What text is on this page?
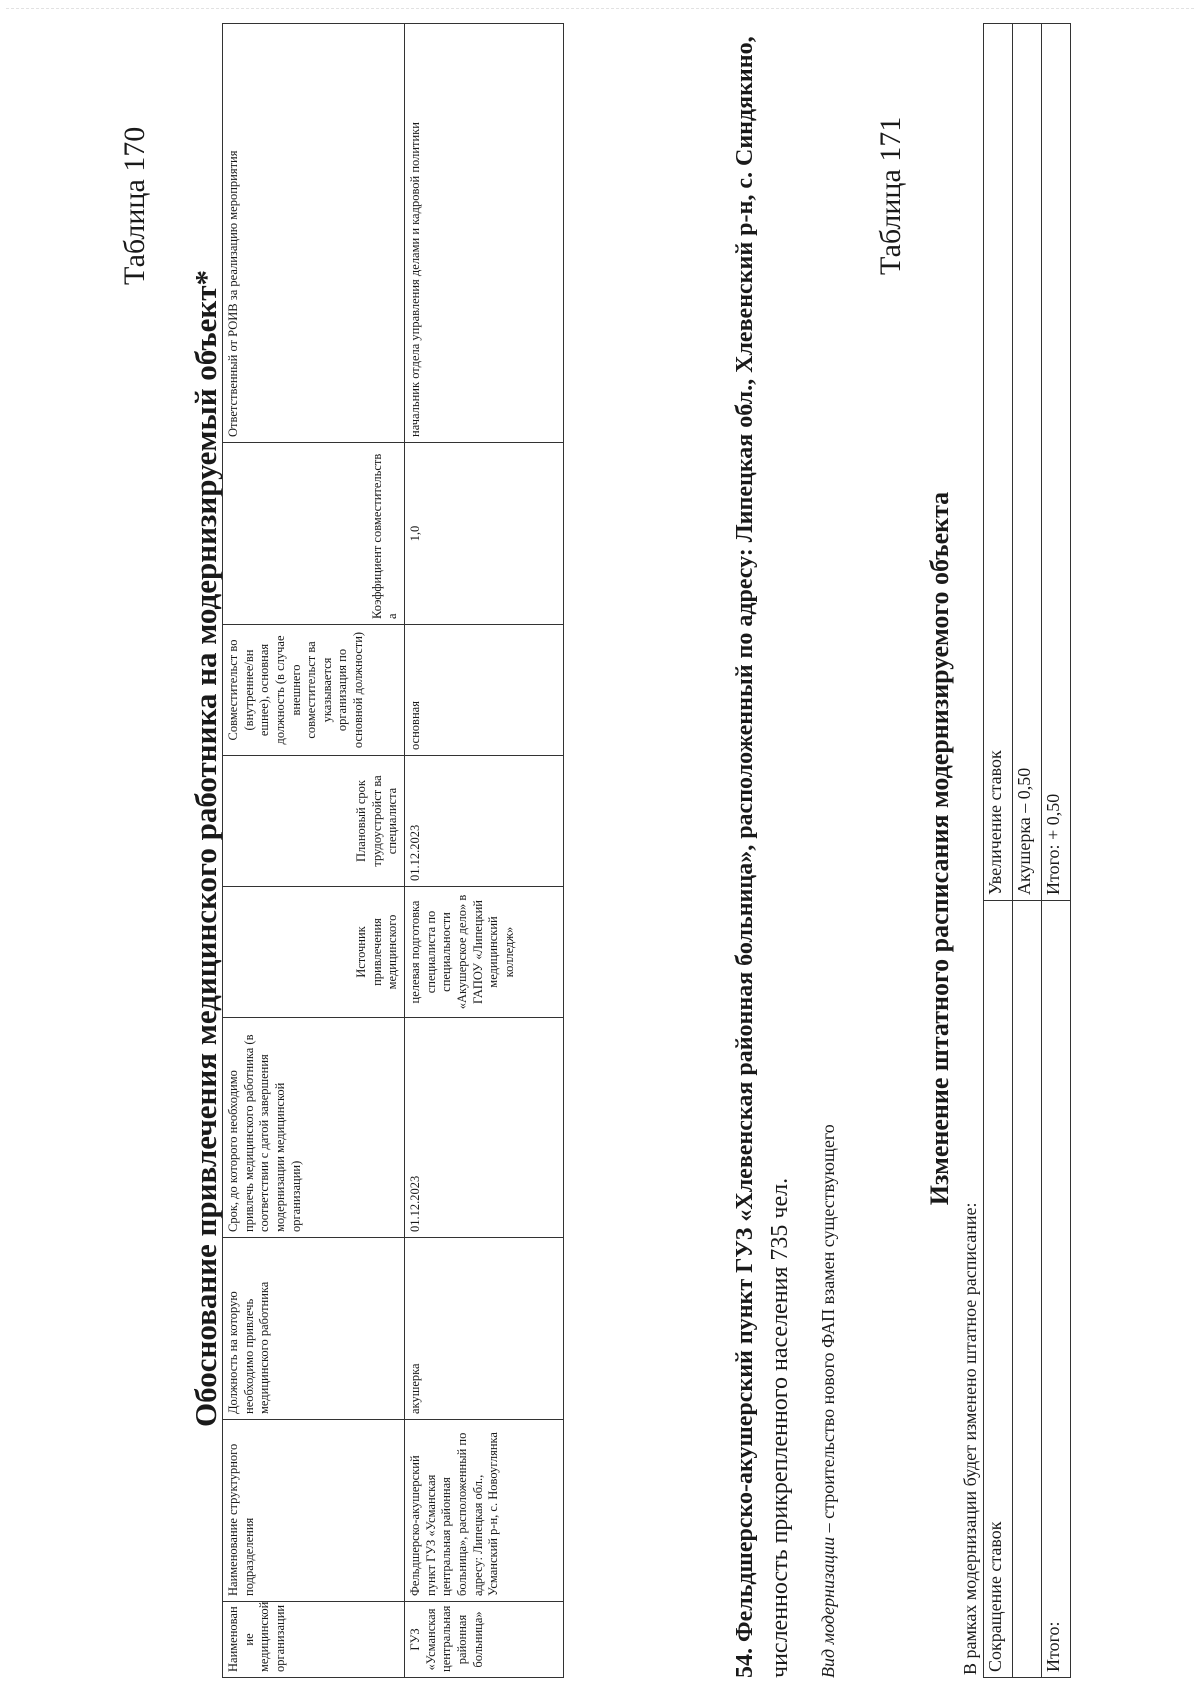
Таблица 170
Обоснование привлечения медицинского работника на модернизируемый объект*
Наименован ие медицинской организации	Наименование структурного подразделения	Должность на которую необходимо привлечь медицинского работника	Срок, до которого необходимо привлечь медицинского работника (в соответствии с датой завершения модернизации медицинской организации)	Источник привлечения медицинского	Плановый срок трудоустройст ва специалиста	Совместительст во (внутреннее/вн ешнее), основная должность (в случае внешнего совместительст ва указывается организация по основной должности)	Коэффициент совместительств а	Ответственный от РОИВ за реализацию мероприятия
ГУЗ «Усманская центральная районная больница»	Фельдшерско-акушерский пункт ГУЗ «Усманская центральная районная больница», расположенный по адресу: Липецкая обл., Усманский р-н, с. Новоуглянка	акушерка	01.12.2023	целевая подготовка специалиста по специальности «Акушерское дело» в ГАПОУ «Липецкий медицинский колледж»	01.12.2023	основная	1,0	начальник отдела управления делами и кадровой политики	54. Фельдшерско-акушерский пункт ГУЗ «Хлевенская районная больница», расположенный по адресу: Липецкая обл., Хлевенский р-н, с. Синдякино, численность прикрепленного населения 735 чел. Вид модернизации – строительство нового ФАП взамен существующего
Таблица 171
Изменение штатного расписания модернизируемого объекта
В рамках модернизации будет изменено штатное расписание: Сокращение ставок	Увеличение ставок
	Акушерка – 0,50
Итого:	Итого: + 0,50
